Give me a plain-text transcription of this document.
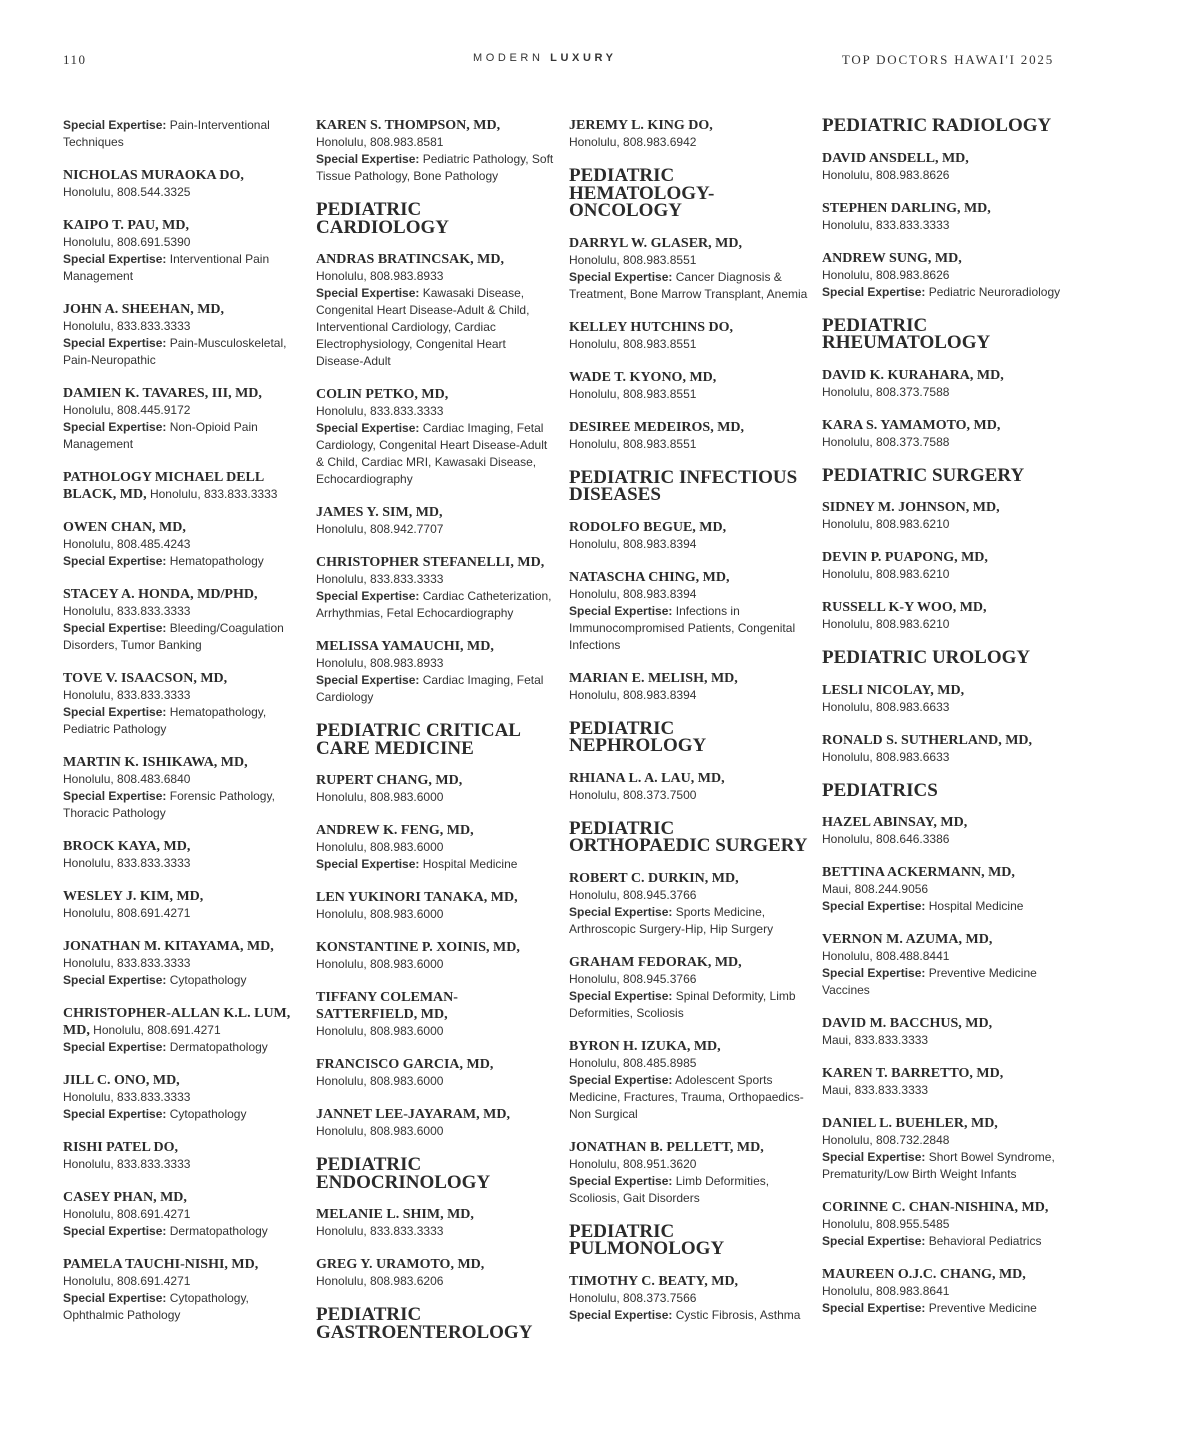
110	MODERN LUXURY	TOP DOCTORS HAWAI'I 2025
Special Expertise: Pain-Interventional Techniques
NICHOLAS MURAOKA DO,
Honolulu, 808.544.3325
KAIPO T. PAU, MD,
Honolulu, 808.691.5390
Special Expertise: Interventional Pain Management
JOHN A. SHEEHAN, MD,
Honolulu, 833.833.3333
Special Expertise: Pain-Musculoskeletal, Pain-Neuropathic
DAMIEN K. TAVARES, III, MD,
Honolulu, 808.445.9172
Special Expertise: Non-Opioid Pain Management
PATHOLOGY MICHAEL DELL BLACK, MD, Honolulu, 833.833.3333
OWEN CHAN, MD,
Honolulu, 808.485.4243
Special Expertise: Hematopathology
STACEY A. HONDA, MD/PHD,
Honolulu, 833.833.3333
Special Expertise: Bleeding/Coagulation Disorders, Tumor Banking
TOVE V. ISAACSON, MD,
Honolulu, 833.833.3333
Special Expertise: Hematopathology, Pediatric Pathology
MARTIN K. ISHIKAWA, MD,
Honolulu, 808.483.6840
Special Expertise: Forensic Pathology, Thoracic Pathology
BROCK KAYA, MD,
Honolulu, 833.833.3333
WESLEY J. KIM, MD,
Honolulu, 808.691.4271
JONATHAN M. KITAYAMA, MD,
Honolulu, 833.833.3333
Special Expertise: Cytopathology
CHRISTOPHER-ALLAN K.L. LUM, MD, Honolulu, 808.691.4271
Special Expertise: Dermatopathology
JILL C. ONO, MD,
Honolulu, 833.833.3333
Special Expertise: Cytopathology
RISHI PATEL DO,
Honolulu, 833.833.3333
CASEY PHAN, MD,
Honolulu, 808.691.4271
Special Expertise: Dermatopathology
PAMELA TAUCHI-NISHI, MD,
Honolulu, 808.691.4271
Special Expertise: Cytopathology, Ophthalmic Pathology
KAREN S. THOMPSON, MD,
Honolulu, 808.983.8581
Special Expertise: Pediatric Pathology, Soft Tissue Pathology, Bone Pathology
PEDIATRIC CARDIOLOGY
ANDRAS BRATINCSAK, MD,
Honolulu, 808.983.8933
Special Expertise: Kawasaki Disease, Congenital Heart Disease-Adult & Child, Interventional Cardiology, Cardiac Electrophysiology, Congenital Heart Disease-Adult
COLIN PETKO, MD,
Honolulu, 833.833.3333
Special Expertise: Cardiac Imaging, Fetal Cardiology, Congenital Heart Disease-Adult & Child, Cardiac MRI, Kawasaki Disease, Echocardiography
JAMES Y. SIM, MD,
Honolulu, 808.942.7707
CHRISTOPHER STEFANELLI, MD, Honolulu, 833.833.3333
Special Expertise: Cardiac Catheterization, Arrhythmias, Fetal Echocardiography
MELISSA YAMAUCHI, MD,
Honolulu, 808.983.8933
Special Expertise: Cardiac Imaging, Fetal Cardiology
PEDIATRIC CRITICAL CARE MEDICINE
RUPERT CHANG, MD,
Honolulu, 808.983.6000
ANDREW K. FENG, MD,
Honolulu, 808.983.6000
Special Expertise: Hospital Medicine
LEN YUKINORI TANAKA, MD,
Honolulu, 808.983.6000
KONSTANTINE P. XOINIS, MD,
Honolulu, 808.983.6000
TIFFANY COLEMAN-SATTERFIELD, MD,
Honolulu, 808.983.6000
FRANCISCO GARCIA, MD,
Honolulu, 808.983.6000
JANNET LEE-JAYARAM, MD,
Honolulu, 808.983.6000
PEDIATRIC ENDOCRINOLOGY
MELANIE L. SHIM, MD,
Honolulu, 833.833.3333
GREG Y. URAMOTO, MD,
Honolulu, 808.983.6206
PEDIATRIC GASTROENTEROLOGY
JEREMY L. KING DO,
Honolulu, 808.983.6942
PEDIATRIC HEMATOLOGY-ONCOLOGY
DARRYL W. GLASER, MD,
Honolulu, 808.983.8551
Special Expertise: Cancer Diagnosis & Treatment, Bone Marrow Transplant, Anemia
KELLEY HUTCHINS DO,
Honolulu, 808.983.8551
WADE T. KYONO, MD,
Honolulu, 808.983.8551
DESIREE MEDEIROS, MD,
Honolulu, 808.983.8551
PEDIATRIC INFECTIOUS DISEASES
RODOLFO BEGUE, MD,
Honolulu, 808.983.8394
NATASCHA CHING, MD,
Honolulu, 808.983.8394
Special Expertise: Infections in Immunocompromised Patients, Congenital Infections
MARIAN E. MELISH, MD,
Honolulu, 808.983.8394
PEDIATRIC NEPHROLOGY
RHIANA L. A. LAU, MD,
Honolulu, 808.373.7500
PEDIATRIC ORTHOPAEDIC SURGERY
ROBERT C. DURKIN, MD,
Honolulu, 808.945.3766
Special Expertise: Sports Medicine, Arthroscopic Surgery-Hip, Hip Surgery
GRAHAM FEDORAK, MD,
Honolulu, 808.945.3766
Special Expertise: Spinal Deformity, Limb Deformities, Scoliosis
BYRON H. IZUKA, MD,
Honolulu, 808.485.8985
Special Expertise: Adolescent Sports Medicine, Fractures, Trauma, Orthopaedics-Non Surgical
JONATHAN B. PELLETT, MD,
Honolulu, 808.951.3620
Special Expertise: Limb Deformities, Scoliosis, Gait Disorders
PEDIATRIC PULMONOLOGY
TIMOTHY C. BEATY, MD,
Honolulu, 808.373.7566
Special Expertise: Cystic Fibrosis, Asthma
PEDIATRIC RADIOLOGY
DAVID ANSDELL, MD,
Honolulu, 808.983.8626
STEPHEN DARLING, MD,
Honolulu, 833.833.3333
ANDREW SUNG, MD,
Honolulu, 808.983.8626
Special Expertise: Pediatric Neuroradiology
PEDIATRIC RHEUMATOLOGY
DAVID K. KURAHARA, MD,
Honolulu, 808.373.7588
KARA S. YAMAMOTO, MD,
Honolulu, 808.373.7588
PEDIATRIC SURGERY
SIDNEY M. JOHNSON, MD,
Honolulu, 808.983.6210
DEVIN P. PUAPONG, MD,
Honolulu, 808.983.6210
RUSSELL K-Y WOO, MD,
Honolulu, 808.983.6210
PEDIATRIC UROLOGY
LESLI NICOLAY, MD,
Honolulu, 808.983.6633
RONALD S. SUTHERLAND, MD,
Honolulu, 808.983.6633
PEDIATRICS
HAZEL ABINSAY, MD,
Honolulu, 808.646.3386
BETTINA ACKERMANN, MD,
Maui, 808.244.9056
Special Expertise: Hospital Medicine
VERNON M. AZUMA, MD,
Honolulu, 808.488.8441
Special Expertise: Preventive Medicine Vaccines
DAVID M. BACCHUS, MD,
Maui, 833.833.3333
KAREN T. BARRETTO, MD,
Maui, 833.833.3333
DANIEL L. BUEHLER, MD,
Honolulu, 808.732.2848
Special Expertise: Short Bowel Syndrome, Prematurity/Low Birth Weight Infants
CORINNE C. CHAN-NISHINA, MD, Honolulu, 808.955.5485
Special Expertise: Behavioral Pediatrics
MAUREEN O.J.C. CHANG, MD,
Honolulu, 808.983.8641
Special Expertise: Preventive Medicine
